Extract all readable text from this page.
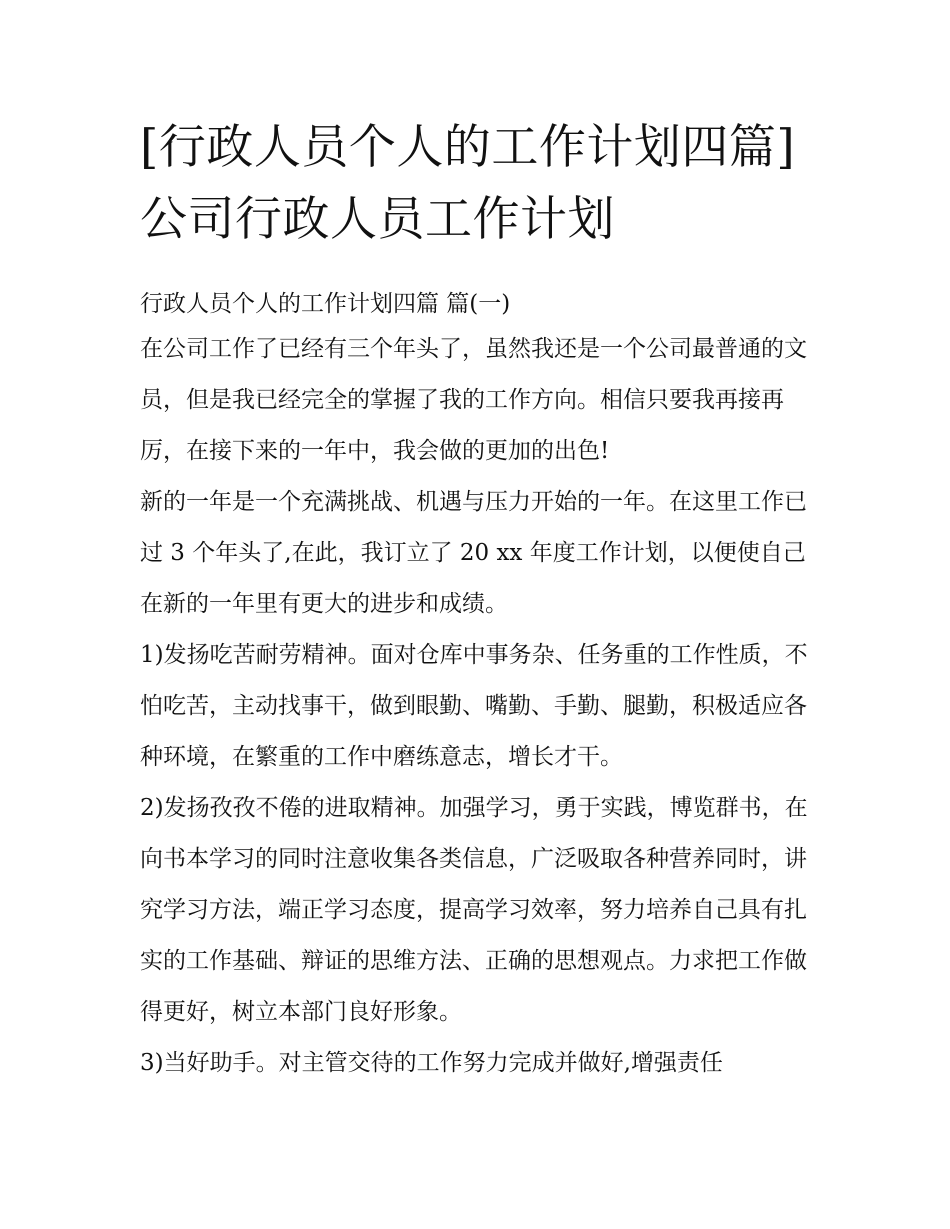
[行政人员个人的工作计划四篇] 公司行政人员工作计划

行政人员个人的工作计划四篇 篇(一)

在公司工作了已经有三个年头了，虽然我还是一个公司最普通的文员，但是我已经完全的掌握了我的工作方向。相信只要我再接再厉，在接下来的一年中，我会做的更加的出色!

新的一年是一个充满挑战、机遇与压力开始的一年。在这里工作已过 3 个年头了,在此，我订立了 20 xx 年度工作计划，以便使自己在新的一年里有更大的进步和成绩。

1)发扬吃苦耐劳精神。面对仓库中事务杂、任务重的工作性质，不怕吃苦，主动找事干，做到眼勤、嘴勤、手勤、腿勤，积极适应各种环境，在繁重的工作中磨练意志，增长才干。

2)发扬孜孜不倦的进取精神。加强学习，勇于实践，博览群书，在向书本学习的同时注意收集各类信息，广泛吸取各种营养同时，讲究学习方法，端正学习态度，提高学习效率，努力培养自己具有扎实的工作基础、辩证的思维方法、正确的思想观点。力求把工作做得更好，树立本部门良好形象。

3)当好助手。对主管交待的工作努力完成并做好,增强责任
